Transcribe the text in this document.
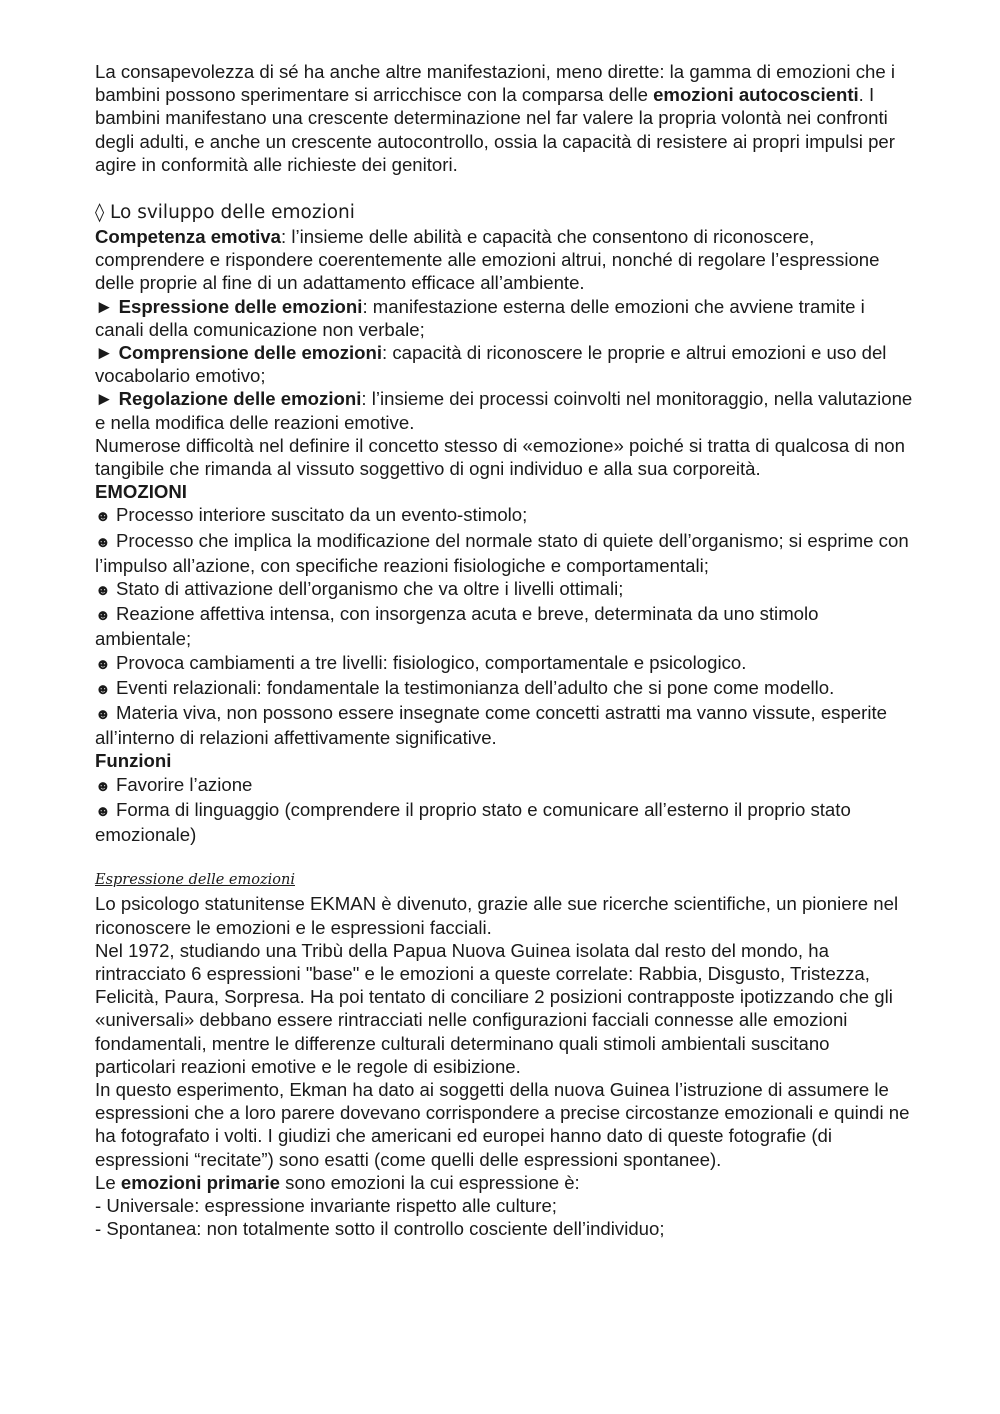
La consapevolezza di sé ha anche altre manifestazioni, meno dirette: la gamma di emozioni che i bambini possono sperimentare si arricchisce con la comparsa delle emozioni autocoscienti. I bambini manifestano una crescente determinazione nel far valere la propria volontà nei confronti degli adulti, e anche un crescente autocontrollo, ossia la capacità di resistere ai propri impulsi per agire in conformità alle richieste dei genitori.

◊ Lo sviluppo delle emozioni

Competenza emotiva: l’insieme delle abilità e capacità che consentono di riconoscere, comprendere e rispondere coerentemente alle emozioni altrui, nonché di regolare l’espressione delle proprie al fine di un adattamento efficace all’ambiente.

► Espressione delle emozioni: manifestazione esterna delle emozioni che avviene tramite i canali della comunicazione non verbale;

► Comprensione delle emozioni: capacità di riconoscere le proprie e altrui emozioni e uso del vocabolario emotivo;

► Regolazione delle emozioni: l’insieme dei processi coinvolti nel monitoraggio, nella valutazione e nella modifica delle reazioni emotive.

Numerose difficoltà nel definire il concetto stesso di «emozione» poiché si tratta di qualcosa di non tangibile che rimanda al vissuto soggettivo di ogni individuo e alla sua corporeità.

EMOZIONI

☻ Processo interiore suscitato da un evento-stimolo;

☻ Processo che implica la modificazione del normale stato di quiete dell’organismo; si esprime con l’impulso all’azione, con specifiche reazioni fisiologiche e comportamentali;

☻ Stato di attivazione dell’organismo che va oltre i livelli ottimali;

☻ Reazione affettiva intensa, con insorgenza acuta e breve, determinata da uno stimolo ambientale;

☻ Provoca cambiamenti a tre livelli: fisiologico, comportamentale e psicologico.

☻ Eventi relazionali: fondamentale la testimonianza dell’adulto che si pone come modello.

☻ Materia viva, non possono essere insegnate come concetti astratti ma vanno vissute, esperite all’interno di relazioni affettivamente significative.

Funzioni

☻ Favorire l’azione

☻ Forma di linguaggio (comprendere il proprio stato e comunicare all’esterno il proprio stato emozionale)

Espressione delle emozioni

Lo psicologo statunitense EKMAN è divenuto, grazie alle sue ricerche scientifiche, un pioniere nel riconoscere le emozioni e le espressioni facciali.

Nel 1972, studiando una Tribù della Papua Nuova Guinea isolata dal resto del mondo, ha rintracciato 6 espressioni "base" e le emozioni a queste correlate: Rabbia, Disgusto, Tristezza, Felicità, Paura, Sorpresa. Ha poi tentato di conciliare 2 posizioni contrapposte ipotizzando che gli «universali» debbano essere rintracciati nelle configurazioni facciali connesse alle emozioni fondamentali, mentre le differenze culturali determinano quali stimoli ambientali suscitano particolari reazioni emotive e le regole di esibizione.

In questo esperimento, Ekman ha dato ai soggetti della nuova Guinea l’istruzione di assumere le espressioni che a loro parere dovevano corrispondere a precise circostanze emozionali e quindi ne ha fotografato i volti. I giudizi che americani ed europei hanno dato di queste fotografie (di espressioni “recitate”) sono esatti (come quelli delle espressioni spontanee).

Le emozioni primarie sono emozioni la cui espressione è:

- Universale: espressione invariante rispetto alle culture;

- Spontanea: non totalmente sotto il controllo cosciente dell’individuo;
